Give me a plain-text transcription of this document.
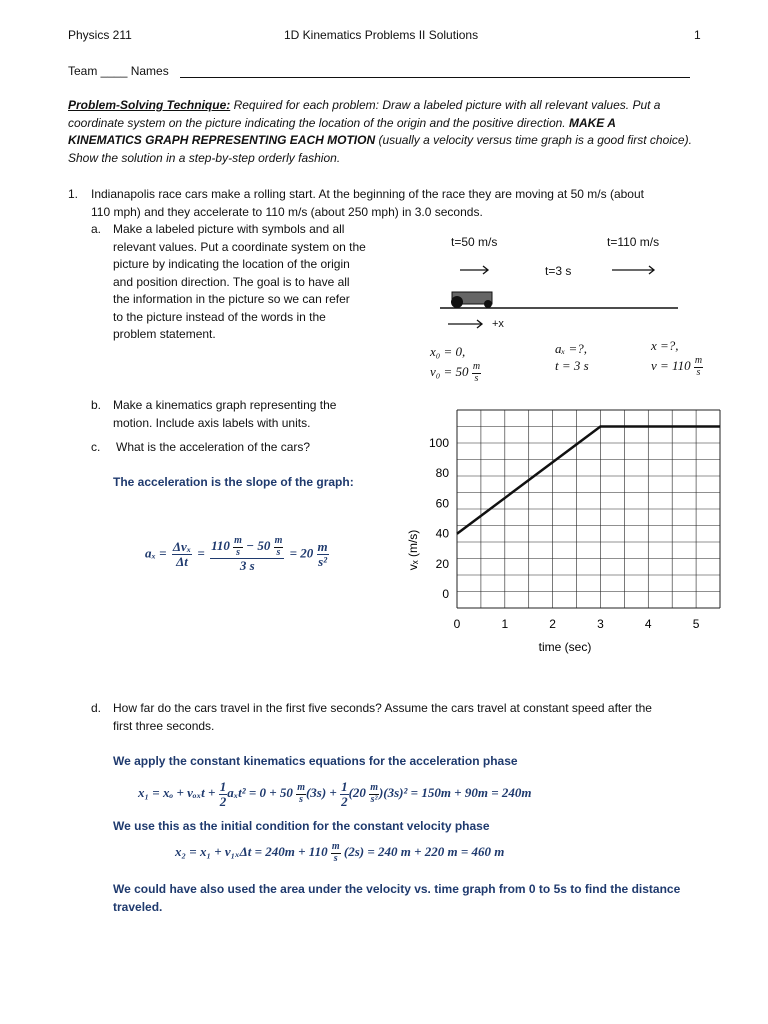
Physics 211	1D Kinematics Problems II Solutions	1
Team ____ Names
Problem-Solving Technique: Required for each problem: Draw a labeled picture with all relevant values. Put a
coordinate system on the picture indicating the location of the origin and the positive direction. MAKE A
KINEMATICS GRAPH REPRESENTING EACH MOTION (usually a velocity versus time graph is a good first choice).
Show the solution in a step-by-step orderly fashion.
1. Indianapolis race cars make a rolling start. At the beginning of the race they are moving at 50 m/s (about
110 mph) and they accelerate to 110 m/s (about 250 mph) in 3.0 seconds.
a. Make a labeled picture with symbols and all
relevant values. Put a coordinate system on the
picture by indicating the location of the origin
and position direction. The goal is to have all
the information in the picture so we can refer
to the picture instead of the words in the
problem statement.
t=50 m/s	t=110 m/s
t=3 s
+x
x₀ = 0,
$v_0 = 50 \frac{m}{s}$
aₓ =?,
t = 3 s
x =?,
$v = 110 \frac{m}{s}$
b. Make a kinematics graph representing the
motion. Include axis labels with units.
c. What is the acceleration of the cars?
The acceleration is the slope of the graph:
$a_x = \frac{\text{Δvₓ}}{\Delta t} = \frac{110 \frac{m}{s} - 50 \frac{m}{s}}{3 s} = 20 \frac{m}{\text{s²}}$
0	1	2	3	4	5
0
20
40
60
80
100
time (sec)
vₓ (m/s)
d. How far do the cars travel in the first five seconds? Assume the cars travel at constant speed after the
first three seconds.
We apply the constant kinematics equations for the acceleration phase
$x_1 = x_o + v_{ox}t + \frac{1}{2} a_xt^2 = 0 + 50 \frac{m}{s} (3s) + \frac{1}{2} (20 \frac{m}{\text{s²}} )(3s)^2 = 150m + 90m = 240m$
We use this as the initial condition for the constant velocity phase
$x_2 = x_1 + v_{1x}\Delta t = 240m + 110 \frac{m}{s} (2s) = 240$ m + 220 m = 460 m
We could have also used the area under the velocity vs. time graph from 0 to 5s to find the distance
traveled.
